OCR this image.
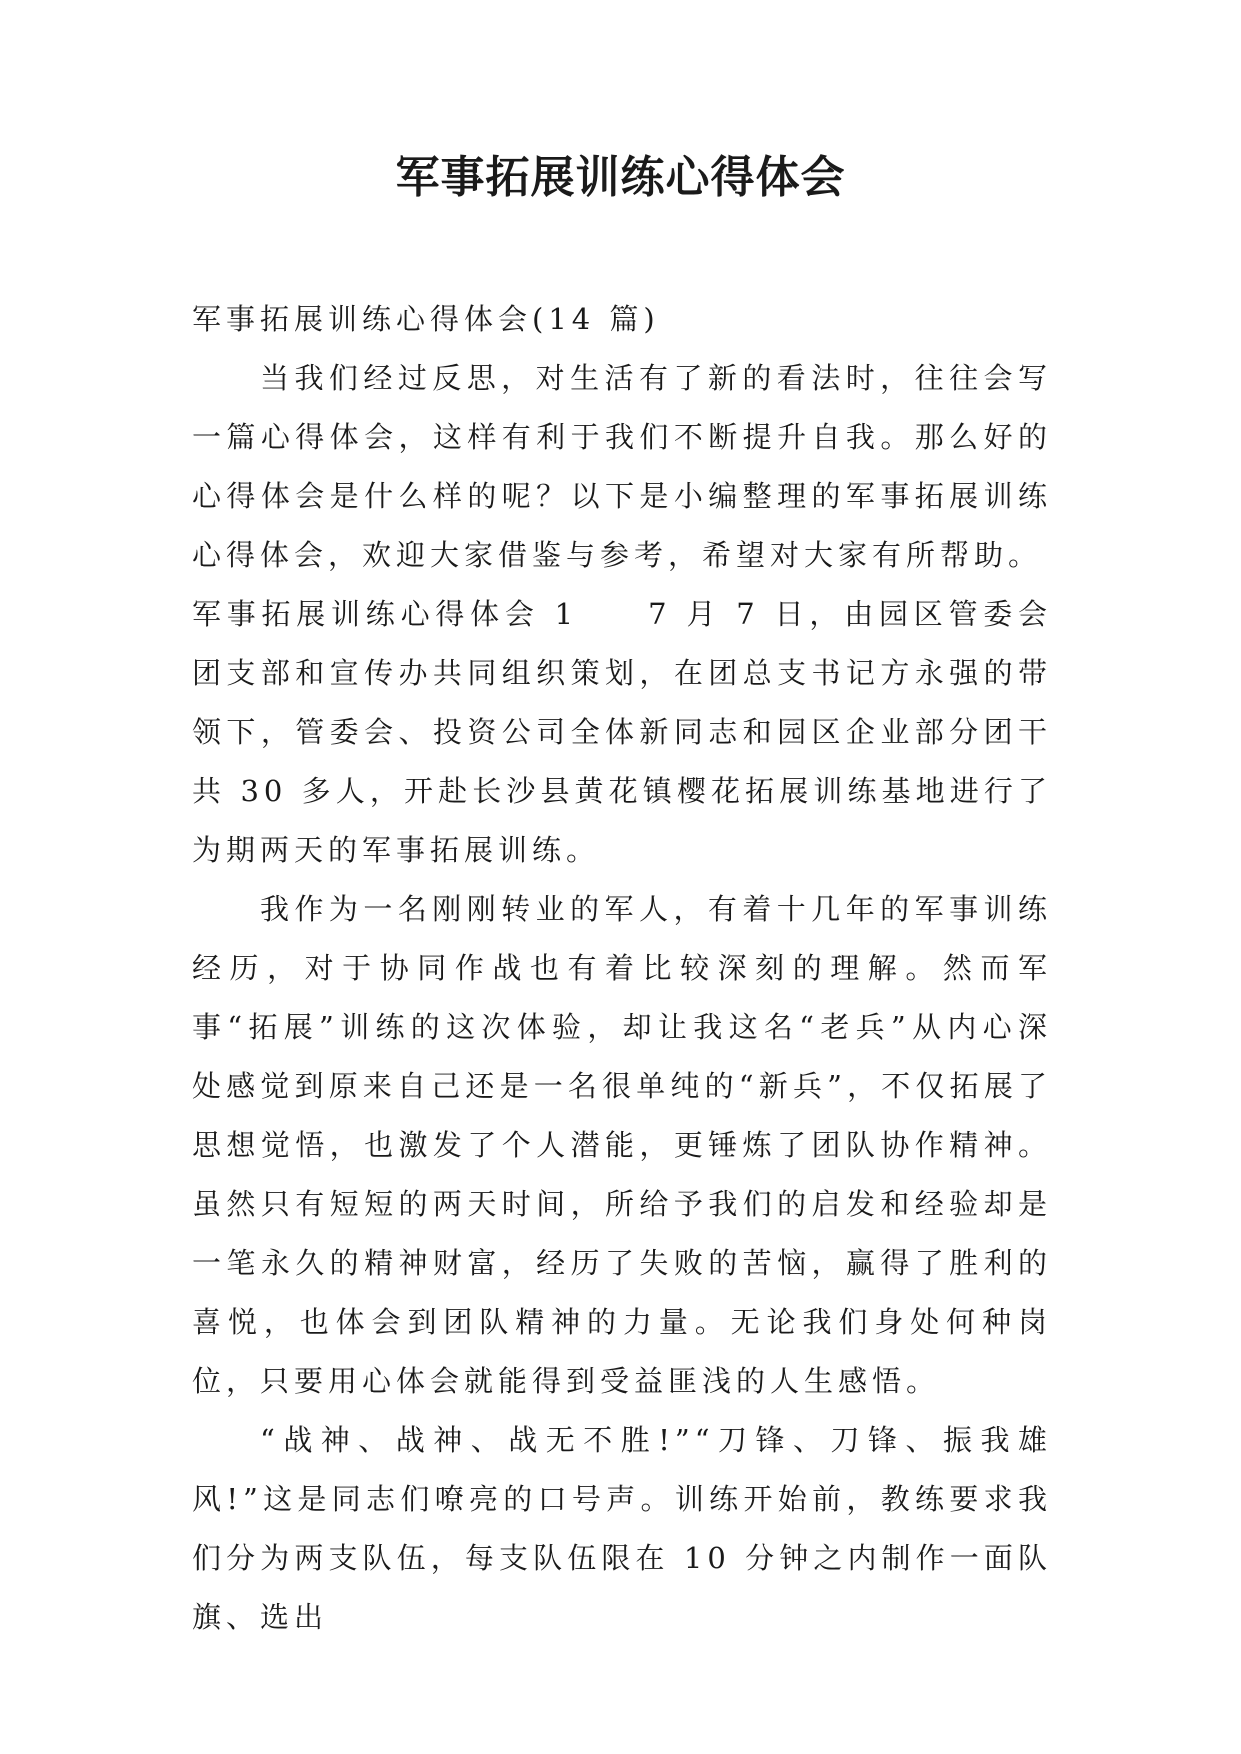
军事拓展训练心得体会

军事拓展训练心得体会(14 篇)

当我们经过反思，对生活有了新的看法时，往往会写一篇心得体会，这样有利于我们不断提升自我。那么好的心得体会是什么样的呢？以下是小编整理的军事拓展训练心得体会，欢迎大家借鉴与参考，希望对大家有所帮助。

军事拓展训练心得体会 1 7 月 7 日，由园区管委会团支部和宣传办共同组织策划，在团总支书记方永强的带领下，管委会、投资公司全体新同志和园区企业部分团干共 30 多人，开赴长沙县黄花镇樱花拓展训练基地进行了为期两天的军事拓展训练。

我作为一名刚刚转业的军人，有着十几年的军事训练经历，对于协同作战也有着比较深刻的理解。然而军事“拓展”训练的这次体验，却让我这名“老兵”从内心深处感觉到原来自己还是一名很单纯的“新兵”，不仅拓展了思想觉悟，也激发了个人潜能，更锤炼了团队协作精神。虽然只有短短的两天时间，所给予我们的启发和经验却是一笔永久的精神财富，经历了失败的苦恼，赢得了胜利的喜悦，也体会到团队精神的力量。无论我们身处何种岗位，只要用心体会就能得到受益匪浅的人生感悟。

“战神、战神、战无不胜!”“刀锋、刀锋、振我雄风!”这是同志们嘹亮的口号声。训练开始前，教练要求我们分为两支队伍，每支队伍限在 10 分钟之内制作一面队旗、选出
